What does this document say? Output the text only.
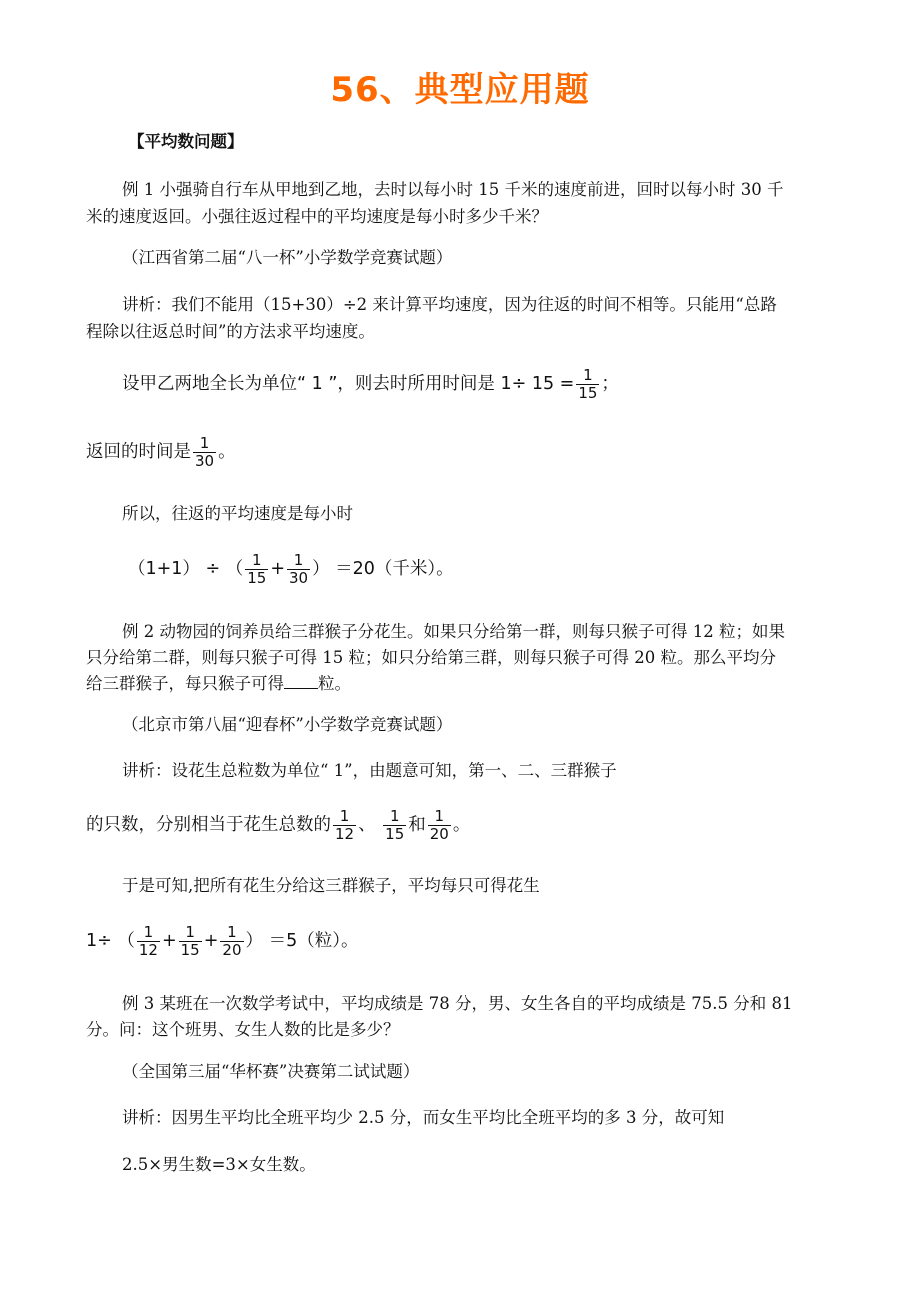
56、典型应用题
【平均数问题】
例 1 小强骑自行车从甲地到乙地，去时以每小时 15 千米的速度前进，回时以每小时 30 千
米的速度返回。小强往返过程中的平均速度是每小时多少千米？
（江西省第二届“八一杯”小学数学竞赛试题）
讲析：我们不能用（15+30）÷2 来计算平均速度，因为往返的时间不相等。只能用“总路
程除以往返总时间”的方法求平均速度。
设甲乙两地全长为单位“ 1 ”，则去时所用时间是 $1\div 15 = \frac{1}{15}$ ；
返回的时间是 $\frac{1}{30}$ 。
所以，往返的平均速度是每小时
（1+1） ÷ （ $\frac{1}{15} + \frac{1}{30}$ ） ＝20（千米）。
例 2 动物园的饲养员给三群猴子分花生。如果只分给第一群，则每只猴子可得 12 粒；如果
只分给第二群，则每只猴子可得 15 粒；如只分给第三群，则每只猴子可得 20 粒。那么平均分
给三群猴子，每只猴子可得 粒。
（北京市第八届“迎春杯”小学数学竞赛试题）
讲析：设花生总粒数为单位“ 1”，由题意可知，第一、二、三群猴子
的只数，分别相当于花生总数的 $\frac{1}{12}$ 、 $\frac{1}{15}$ 和 $\frac{1}{20}$ 。
于是可知,把所有花生分给这三群猴子，平均每只可得花生
1÷ （ $\frac{1}{12} + \frac{1}{15} + \frac{1}{20}$ ） ＝5（粒）。
例 3 某班在一次数学考试中，平均成绩是 78 分，男、女生各自的平均成绩是 75.5 分和 81
分。问：这个班男、女生人数的比是多少？
（全国第三届“华杯赛”决赛第二试试题）
讲析：因男生平均比全班平均少 2.5 分，而女生平均比全班平均的多 3 分，故可知
2.5×男生数=3×女生数。
